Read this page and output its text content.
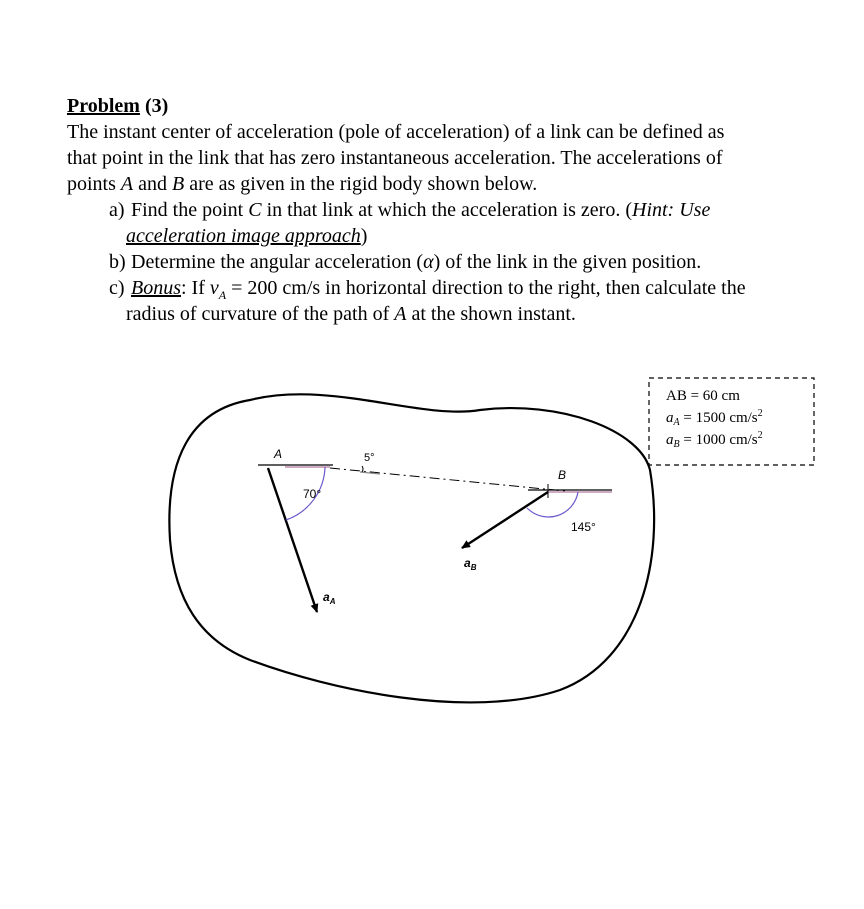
Problem (3)
The instant center of acceleration (pole of acceleration) of a link can be defined as
that point in the link that has zero instantaneous acceleration. The accelerations of
points A and B are as given in the rigid body shown below.
a) Find the point C in that link at which the acceleration is zero. (Hint: Use
acceleration image approach)
b) Determine the angular acceleration (α) of the link in the given position.
c) Bonus: If $v_A = 200$ cm/s in horizontal direction to the right, then calculate the
radius of curvature of the path of A at the shown instant.
A
B
70°
5°
145°
$a_A$
$a_B$
AB = 60 cm
$a_A = 1500$ $cm/s^2$
$a_B = 1000$ $cm/s^2$
